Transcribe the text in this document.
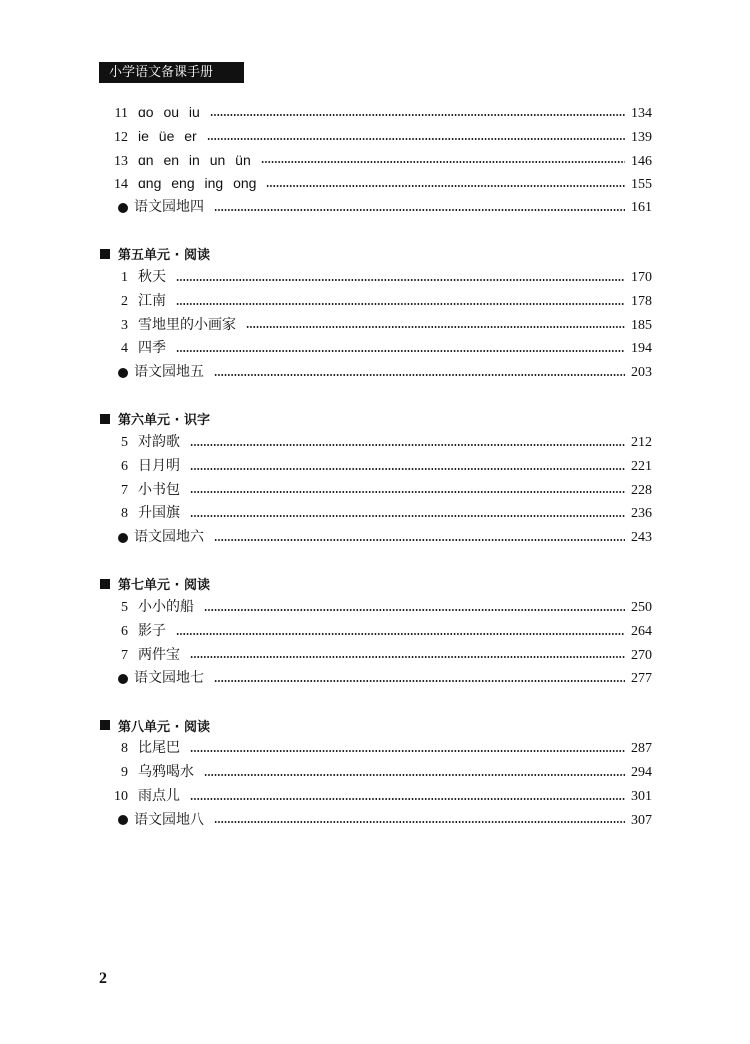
小学语文备课手册
11 ɑo ou iu	134
12 ie üe er	139
13 ɑn en in un ün	146
14 ɑng eng ing ong	155
语文园地四	161
第五单元 · 阅读
1 秋天	170
2 江南	178
3 雪地里的小画家	185
4 四季	194
语文园地五	203
第六单元 · 识字
5 对韵歌	212
6 日月明	221
7 小书包	228
8 升国旗	236
语文园地六	243
第七单元 · 阅读
5 小小的船	250
6 影子	264
7 两件宝	270
语文园地七	277
第八单元 · 阅读
8 比尾巴	287
9 乌鸦喝水	294
10 雨点儿	301
语文园地八	307
2
